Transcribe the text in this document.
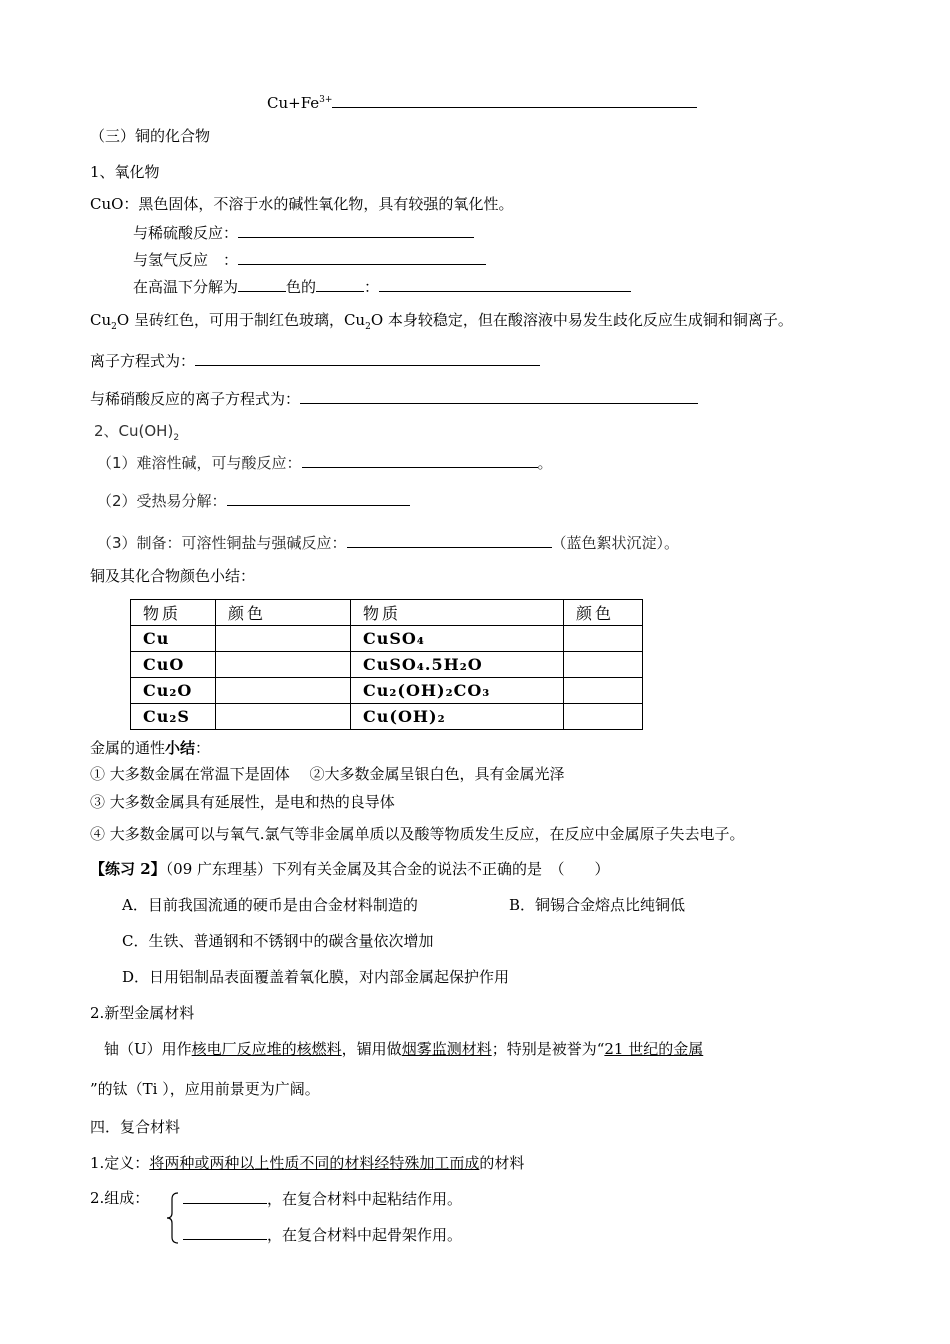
$Cu+Fe^{3+}$
（三）铜的化合物
1、氧化物
CuO：黑色固体，不溶于水的碱性氧化物，具有较强的氧化性。
与稀硫酸反应：
与氢气反应　：
在高温下分解为	色的	：
$Cu_2O$ 呈砖红色，可用于制红色玻璃，$Cu_2O$ 本身较稳定，但在酸溶液中易发生歧化反应生成铜和铜离子。
离子方程式为：
与稀硝酸反应的离子方程式为：
2、$Cu(OH)_2$
（1）难溶性碱，可与酸反应：	。
（2）受热易分解：
（3）制备：可溶性铜盐与强碱反应：	（蓝色絮状沉淀）。
铜及其化合物颜色小结：
物质	颜色	物质	颜色
Cu		CuSO₄	
CuO		CuSO₄.5H₂O	
Cu₂O		Cu₂(OH)₂CO₃	
Cu₂S		Cu(OH)₂	
金属的通性小结：
① 大多数金属在常温下是固体　 ②大多数金属呈银白色，具有金属光泽
③ 大多数金属具有延展性，是电和热的良导体
④ 大多数金属可以与氧气.氯气等非金属单质以及酸等物质发生反应，在反应中金属原子失去电子。
【练习 2】（09 广东理基）下列有关金属及其合金的说法不正确的是　（　　）
A．目前我国流通的硬币是由合金材料制造的	B．铜锡合金熔点比纯铜低
C．生铁、普通钢和不锈钢中的碳含量依次增加
D．日用铝制品表面覆盖着氧化膜，对内部金属起保护作用
2.新型金属材料
铀（U）用作核电厂反应堆的核燃料，镅用做烟雾监测材料；特别是被誉为“21 世纪的金属
”的钛（Ti ），应用前景更为广阔。
四．复合材料
1.定义：将两种或两种以上性质不同的材料经特殊加工而成的材料
2.组成：	，在复合材料中起粘结作用。
，在复合材料中起骨架作用。
